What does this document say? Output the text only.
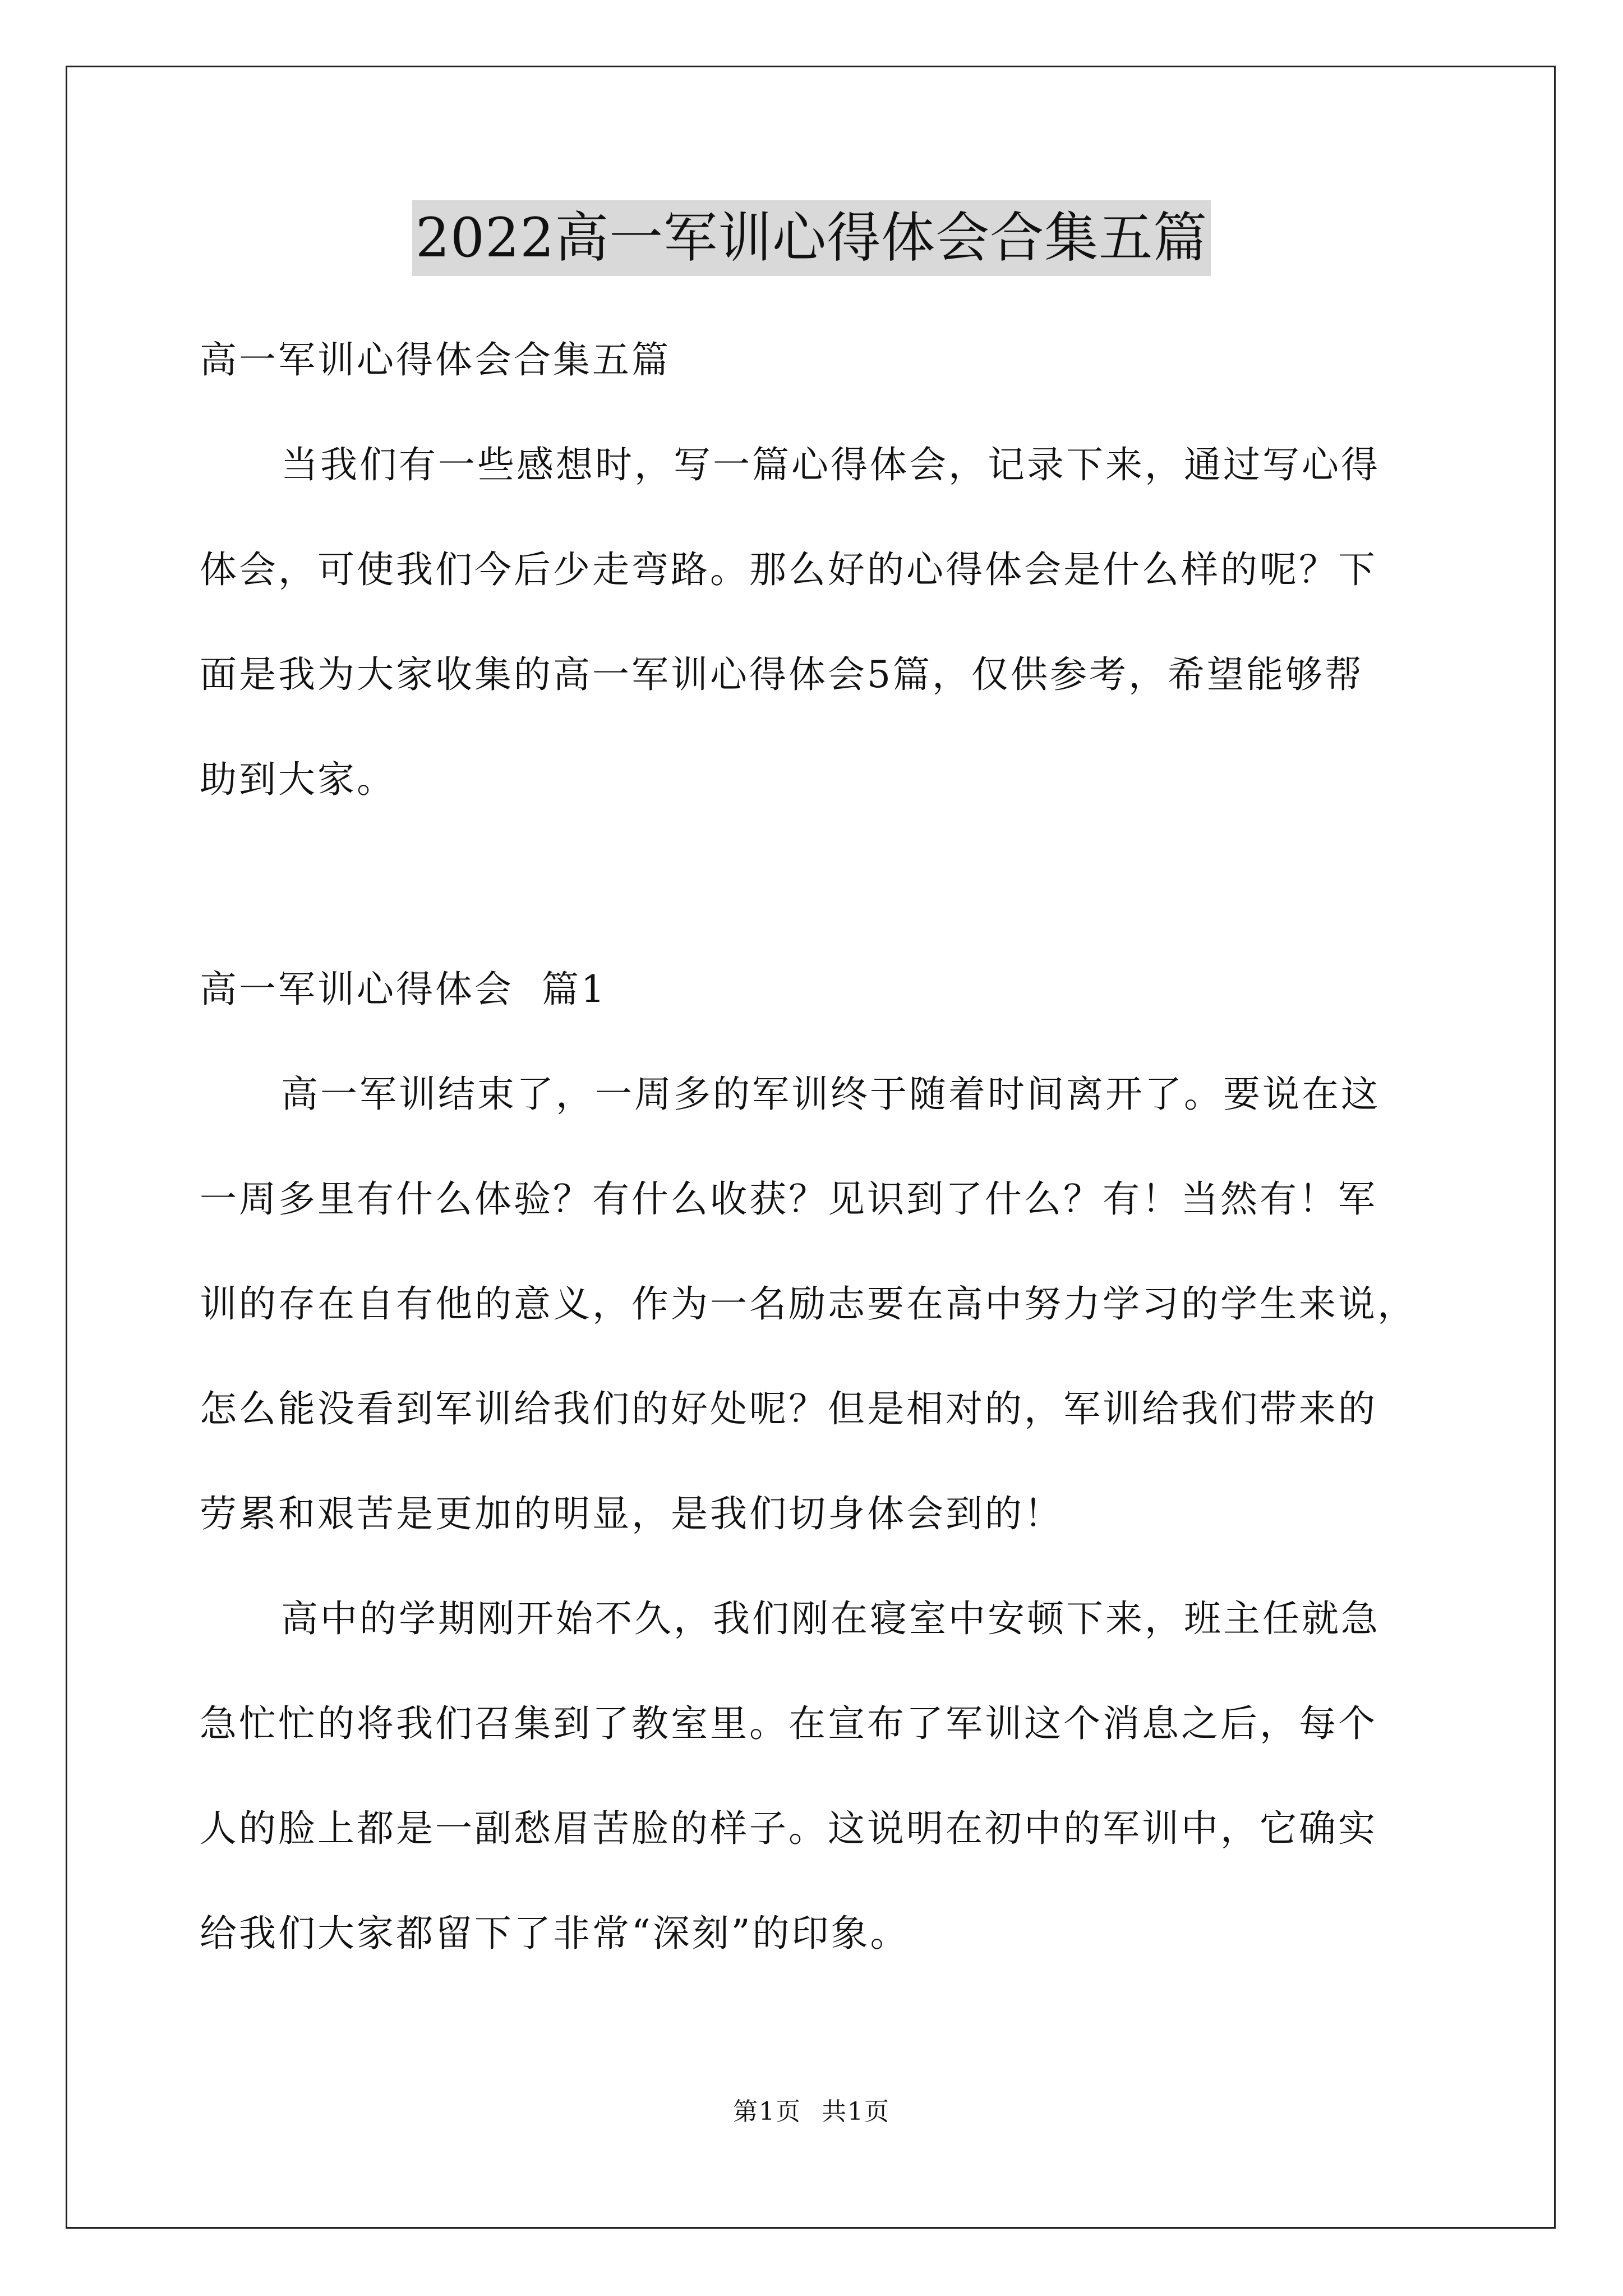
2022高一军训心得体会合集五篇
高一军训心得体会合集五篇
当我们有一些感想时，写一篇心得体会，记录下来，通过写心得
体会，可使我们今后少走弯路。那么好的心得体会是什么样的呢？下
面是我为大家收集的高一军训心得体会5篇，仅供参考，希望能够帮
助到大家。
高一军训心得体会  篇1
高一军训结束了，一周多的军训终于随着时间离开了。要说在这
一周多里有什么体验？有什么收获？见识到了什么？有！当然有！军
训的存在自有他的意义，作为一名励志要在高中努力学习的学生来说，
怎么能没看到军训给我们的好处呢？但是相对的，军训给我们带来的
劳累和艰苦是更加的明显，是我们切身体会到的！
高中的学期刚开始不久，我们刚在寝室中安顿下来，班主任就急
急忙忙的将我们召集到了教室里。在宣布了军训这个消息之后，每个
人的脸上都是一副愁眉苦脸的样子。这说明在初中的军训中，它确实
给我们大家都留下了非常“深刻”的印象。
第1页 共1页
